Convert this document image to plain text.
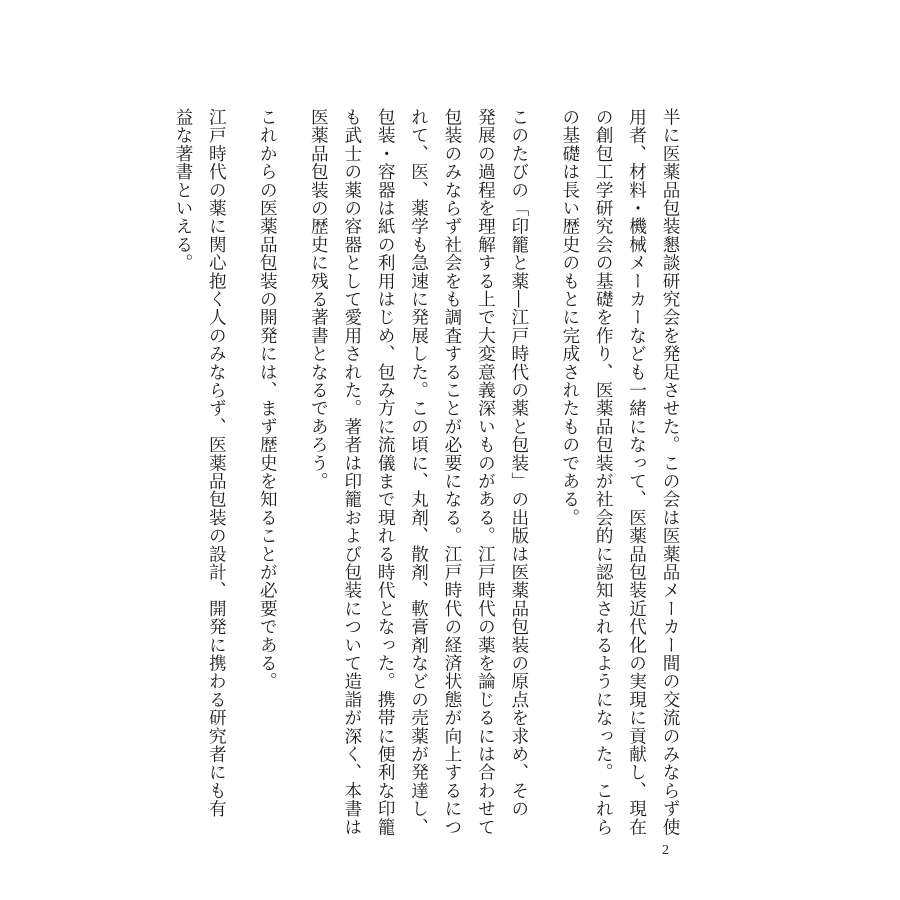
半に医薬品包装懇談研究会を発足させた。この会は医薬品メーカー間の交流のみならず使
用者、材料・機械メーカーなども一緒になって、医薬品包装近代化の実現に貢献し、現在
の創包工学研究会の基礎を作り、医薬品包装が社会的に認知されるようになった。これら
の基礎は長い歴史のもとに完成されたものである。
このたびの「印籠と薬―江戸時代の薬と包装」の出版は医薬品包装の原点を求め、その
発展の過程を理解する上で大変意義深いものがある。江戸時代の薬を論じるには合わせて
包装のみならず社会をも調査することが必要になる。江戸時代の経済状態が向上するにつ
れて、医、薬学も急速に発展した。この頃に、丸剤、散剤、軟膏剤などの売薬が発達し、
包装・容器は紙の利用はじめ、包み方に流儀まで現れる時代となった。携帯に便利な印籠
も武士の薬の容器として愛用された。著者は印籠および包装について造詣が深く、本書は
医薬品包装の歴史に残る著書となるであろう。
これからの医薬品包装の開発には、まず歴史を知ることが必要である。
江戸時代の薬に関心抱く人のみならず、医薬品包装の設計、開発に携わる研究者にも有
益な著書といえる。
2
